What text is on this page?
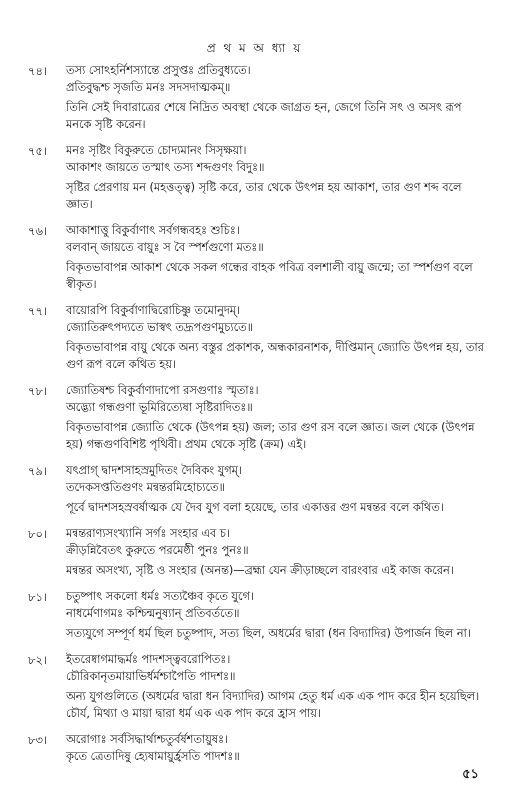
প্র থ ম অ ধ্যা য়
৭৪।	তস্য সোঽহর্নিশস্যান্তে প্রসুপ্তঃ প্রতিবুধ্যতে।
প্রতিবুদ্ধশ্চ সৃজতি মনঃ সদসদাত্মকম্॥
তিনি সেই দিবারাত্রের শেষে নিদ্রিত অবস্থা থেকে জাগ্রত হন, জেগে তিনি সৎ ও অসৎ রূপ মনকে সৃষ্টি করেন।
৭৫।	মনঃ সৃষ্টিং বিকুরুতে চোদ্যমানং সিসৃক্ষয়া।
আকাশং জায়তে তস্মাৎ তস্য শব্দগুণং বিদুঃ॥
সৃষ্টির প্রেরণায় মন (মহত্তত্ত্ব) সৃষ্টি করে, তার থেকে উৎপন্ন হয় আকাশ, তার গুণ শব্দ বলে জ্ঞাত।
৭৬।	আকাশাত্তু বিকুর্বাণাৎ সর্বগন্ধবহঃ শুচিঃ।
বলবান্ জায়তে বায়ুঃ স বৈ স্পর্শগুণো মতঃ॥
বিকৃতভাবাপন্ন আকাশ থেকে সকল গন্ধের বাহক পবিত্র বলশালী বায়ু জন্মে; তা স্পর্শগুণ বলে স্বীকৃত।
৭৭।	বায়োরপি বিকুর্বাণাদ্বিরোচিষ্ণু তমোনুদম্।
জ্যোতিরুৎপদ্যতে ভাস্বৎ তদ্রূপগুণমুচ্যতে॥
বিকৃতভাবাপন্ন বায়ু থেকে অন্য বস্তুর প্রকাশক, অন্ধকারনাশক, দীপ্তিমান্ জ্যোতি উৎপন্ন হয়, তার গুণ রূপ বলে কথিত হয়।
৭৮।	জ্যোতিষশ্চ বিকুর্বাণাদাপো রসগুণাঃ স্মৃতাঃ।
অদ্ভ্যো গন্ধগুণা ভূমিরিত্যেষা সৃষ্টিরাদিতঃ॥
বিকৃতভাবাপন্ন জ্যোতি থেকে (উৎপন্ন হয়) জল; তার গুণ রস বলে জ্ঞাত। জল থেকে (উৎপন্ন হয়) গন্ধগুণবিশিষ্ট পৃথিবী। প্রথম থেকে সৃষ্টি (ক্রম) এই।
৭৯।	যৎপ্রাগ্ দ্বাদশসাহস্রমুদিতং দৈবিকং যুগম্।
তদেকসপ্ততিগুণং মন্বন্তরমিহোচ্যতে॥
পূর্বে দ্বাদশসহস্রবর্ষাত্মক যে দৈব যুগ বলা হয়েছে, তার একাত্তর গুণ মন্বন্তর বলে কথিত।
৮০।	মন্বন্তরাণ্যসংখ্যানি সর্গঃ সংহার এব চ।
ক্রীড়ন্নিবৈতৎ কুরুতে পরমেষ্ঠী পুনঃ পুনঃ॥
মন্বন্তর অসংখ্য, সৃষ্টি ও সংহার (অনন্ত)—ব্রহ্মা যেন ক্রীড়াচ্ছলে বারংবার এই কাজ করেন।
৮১।	চতুষ্পাৎ সকলো ধর্মঃ সত্যঞ্চৈব কৃতে যুগে।
নাধর্মেণাগমঃ কশ্চিন্মনুষ্যান্ প্রতিবর্ততে॥
সত্যযুগে সম্পূর্ণ ধর্ম ছিল চতুষ্পাদ, সত্য ছিল, অধর্মের দ্বারা (ধন বিদ্যাদির) উপার্জন ছিল না।
৮২।	ইতরেষ্বাগমাদ্ধর্মঃ পাদশস্ত্ববরোপিতঃ।
চৌরিকানৃতমায়াভির্ধর্মশ্চাপৈতি পাদশঃ॥
অন্য যুগগুলিতে (অধর্মের দ্বারা ধন বিদ্যাদির) আগম হেতু ধর্ম এক এক পাদ করে হীন হয়েছিল। চৌর্য, মিথ্যা ও মায়া দ্বারা ধর্ম এক এক পাদ করে হ্রাস পায়।
৮৩।	অরোগাঃ সর্বসিদ্ধার্থাশ্চতুর্বর্ষশতায়ুষঃ।
কৃতে ত্রেতাদিষু হ্যেষামায়ুর্হ্রসতি পাদশঃ॥
৫১
